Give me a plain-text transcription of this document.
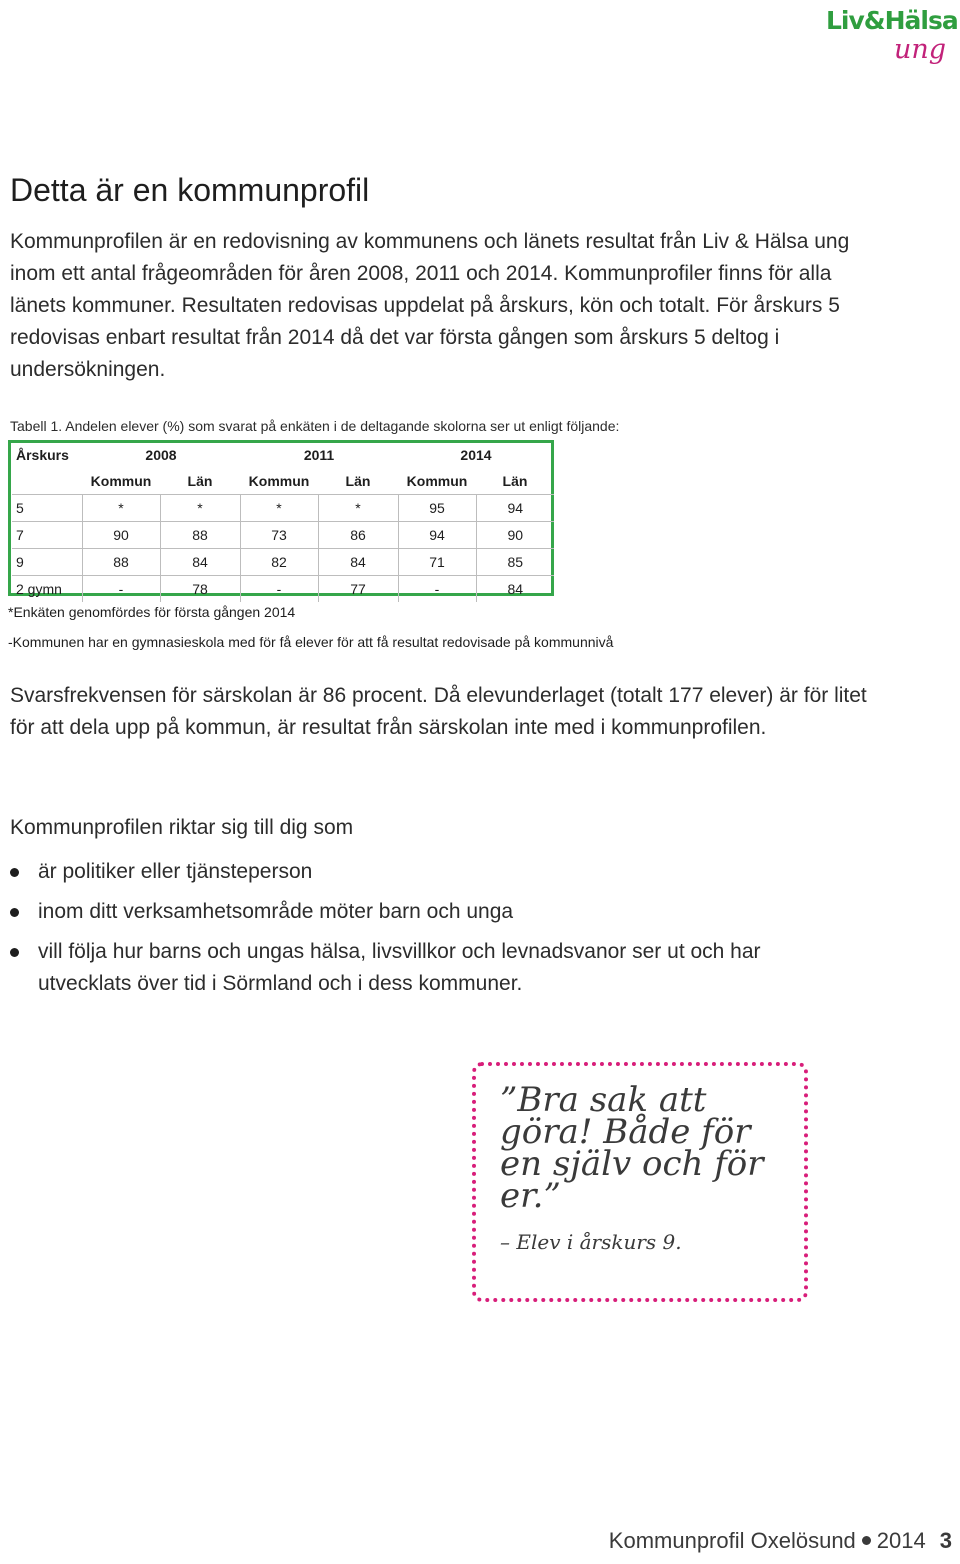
Liv&Hälsa
ung
Detta är en kommunprofil

Kommunprofilen är en redovisning av kommunens och länets resultat från Liv & Hälsa ung inom ett antal frågeområden för åren 2008, 2011 och 2014. Kommunprofiler finns för alla länets kommuner. Resultaten redovisas uppdelat på årskurs, kön och totalt. För årskurs 5 redovisas enbart resultat från 2014 då det var första gången som årskurs 5 deltog i undersökningen.

Tabell 1. Andelen elever (%) som svarat på enkäten i de deltagande skolorna ser ut enligt följande:

Årskurs	2008		2011		2014	
	Kommun	Län	Kommun	Län	Kommun	Län
5	*	*	*	*	95	94
7	90	88	73	86	94	90
9	88	84	82	84	71	85
2 gymn	-	78	-	77	-	84

*Enkäten genomfördes för första gången 2014

-Kommunen har en gymnasieskola med för få elever för att få resultat redovisade på kommunnivå

Svarsfrekvensen för särskolan är 86 procent. Då elevunderlaget (totalt 177 elever) är för litet för att dela upp på kommun, är resultat från särskolan inte med i kommunprofilen.

Kommunprofilen riktar sig till dig som

är politiker eller tjänsteperson
inom ditt verksamhetsområde möter barn och unga
vill följa hur barns och ungas hälsa, livsvillkor och levnadsvanor ser ut och har utvecklats över tid i Sörmland och i dess kommuner.

”Bra sak att göra! Både för en själv och för er.”

– Elev i årskurs 9.

Kommunprofil Oxelösund 2014 3
